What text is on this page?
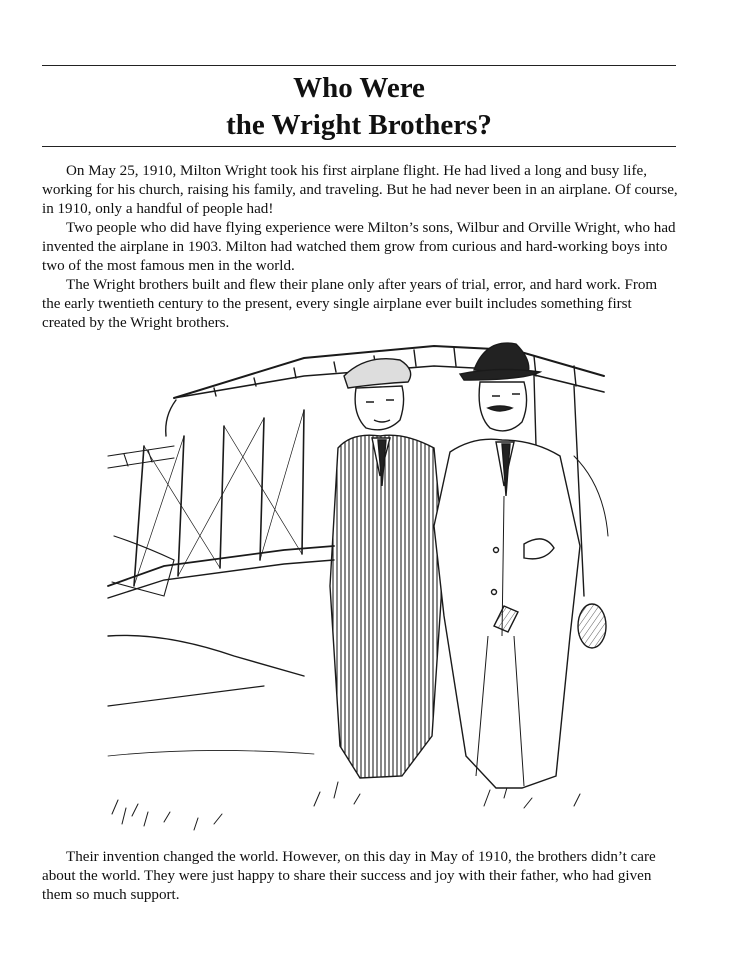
Who Were
the Wright Brothers?

On May 25, 1910, Milton Wright took his first airplane flight. He had lived a long and busy life, working for his church, raising his family, and traveling. But he had never been in an airplane. Of course, in 1910, only a handful of people had!

Two people who did have flying experience were Milton’s sons, Wilbur and Orville Wright, who had invented the airplane in 1903. Milton had watched them grow from curious and hard-working boys into two of the most famous men in the world.

The Wright brothers built and flew their plane only after years of trial, error, and hard work. From the early twentieth century to the present, every single airplane ever built includes something first created by the Wright brothers.

Their invention changed the world. However, on this day in May of 1910, the brothers didn’t care about the world. They were just happy to share their success and joy with their father, who had given them so much support.
